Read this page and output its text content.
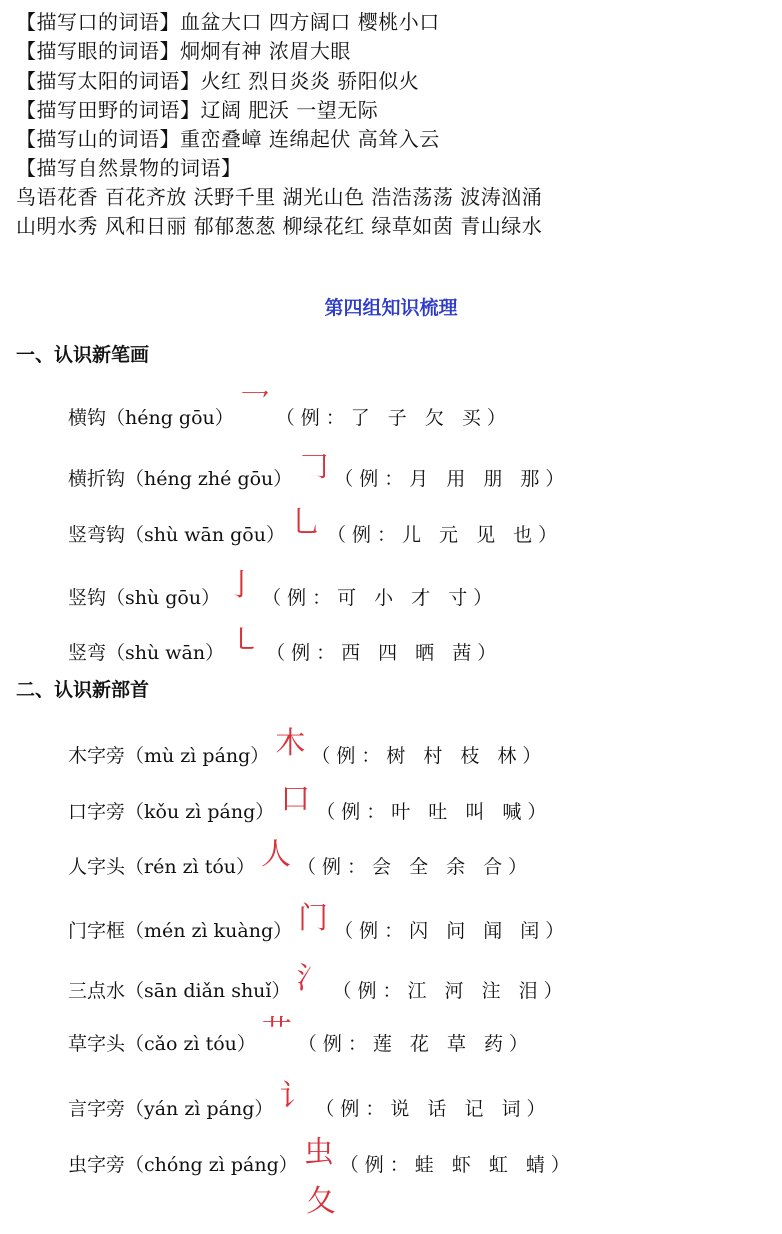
【描写口的词语】血盆大口 四方阔口 樱桃小口
【描写眼的词语】炯炯有神 浓眉大眼
【描写太阳的词语】火红 烈日炎炎 骄阳似火
【描写田野的词语】辽阔 肥沃 一望无际
【描写山的词语】重峦叠嶂 连绵起伏 高耸入云
【描写自然景物的词语】
鸟语花香 百花齐放 沃野千里 湖光山色 浩浩荡荡 波涛汹涌
山明水秀 风和日丽 郁郁葱葱 柳绿花红 绿草如茵 青山绿水
第四组知识梳理
一、认识新笔画
二、认识新部首
横钩（héng gōu） 乛 （例：了 子 欠 买）
横折钩（héng zhé gōu） 𠃌 （例：月 用 朋 那）
竖弯钩（shù wān gōu） 乚 （例：儿 元 见 也）
竖钩（shù gōu） 亅 （例：可 小 才 寸）
竖弯（shù wān） ㇄ （例：西 四 晒 茜）
木字旁（mù zì páng） 木 （例：树 村 枝 林）
口字旁（kǒu zì páng） 口 （例：叶 吐 叫 喊）
人字头（rén zì tóu） 人 （例：会 全 余 合）
门字框（mén zì kuàng） 门 （例：闪 问 闻 闰）
三点水（sān diǎn shuǐ） 氵 （例：江 河 注 泪）
草字头（cǎo zì tóu） 艹 （例：莲 花 草 药）
言字旁（yán zì páng） 讠 （例：说 话 记 词）
虫字旁（chóng zì páng） 虫 （例：蛙 虾 虹 蜻）
夂
